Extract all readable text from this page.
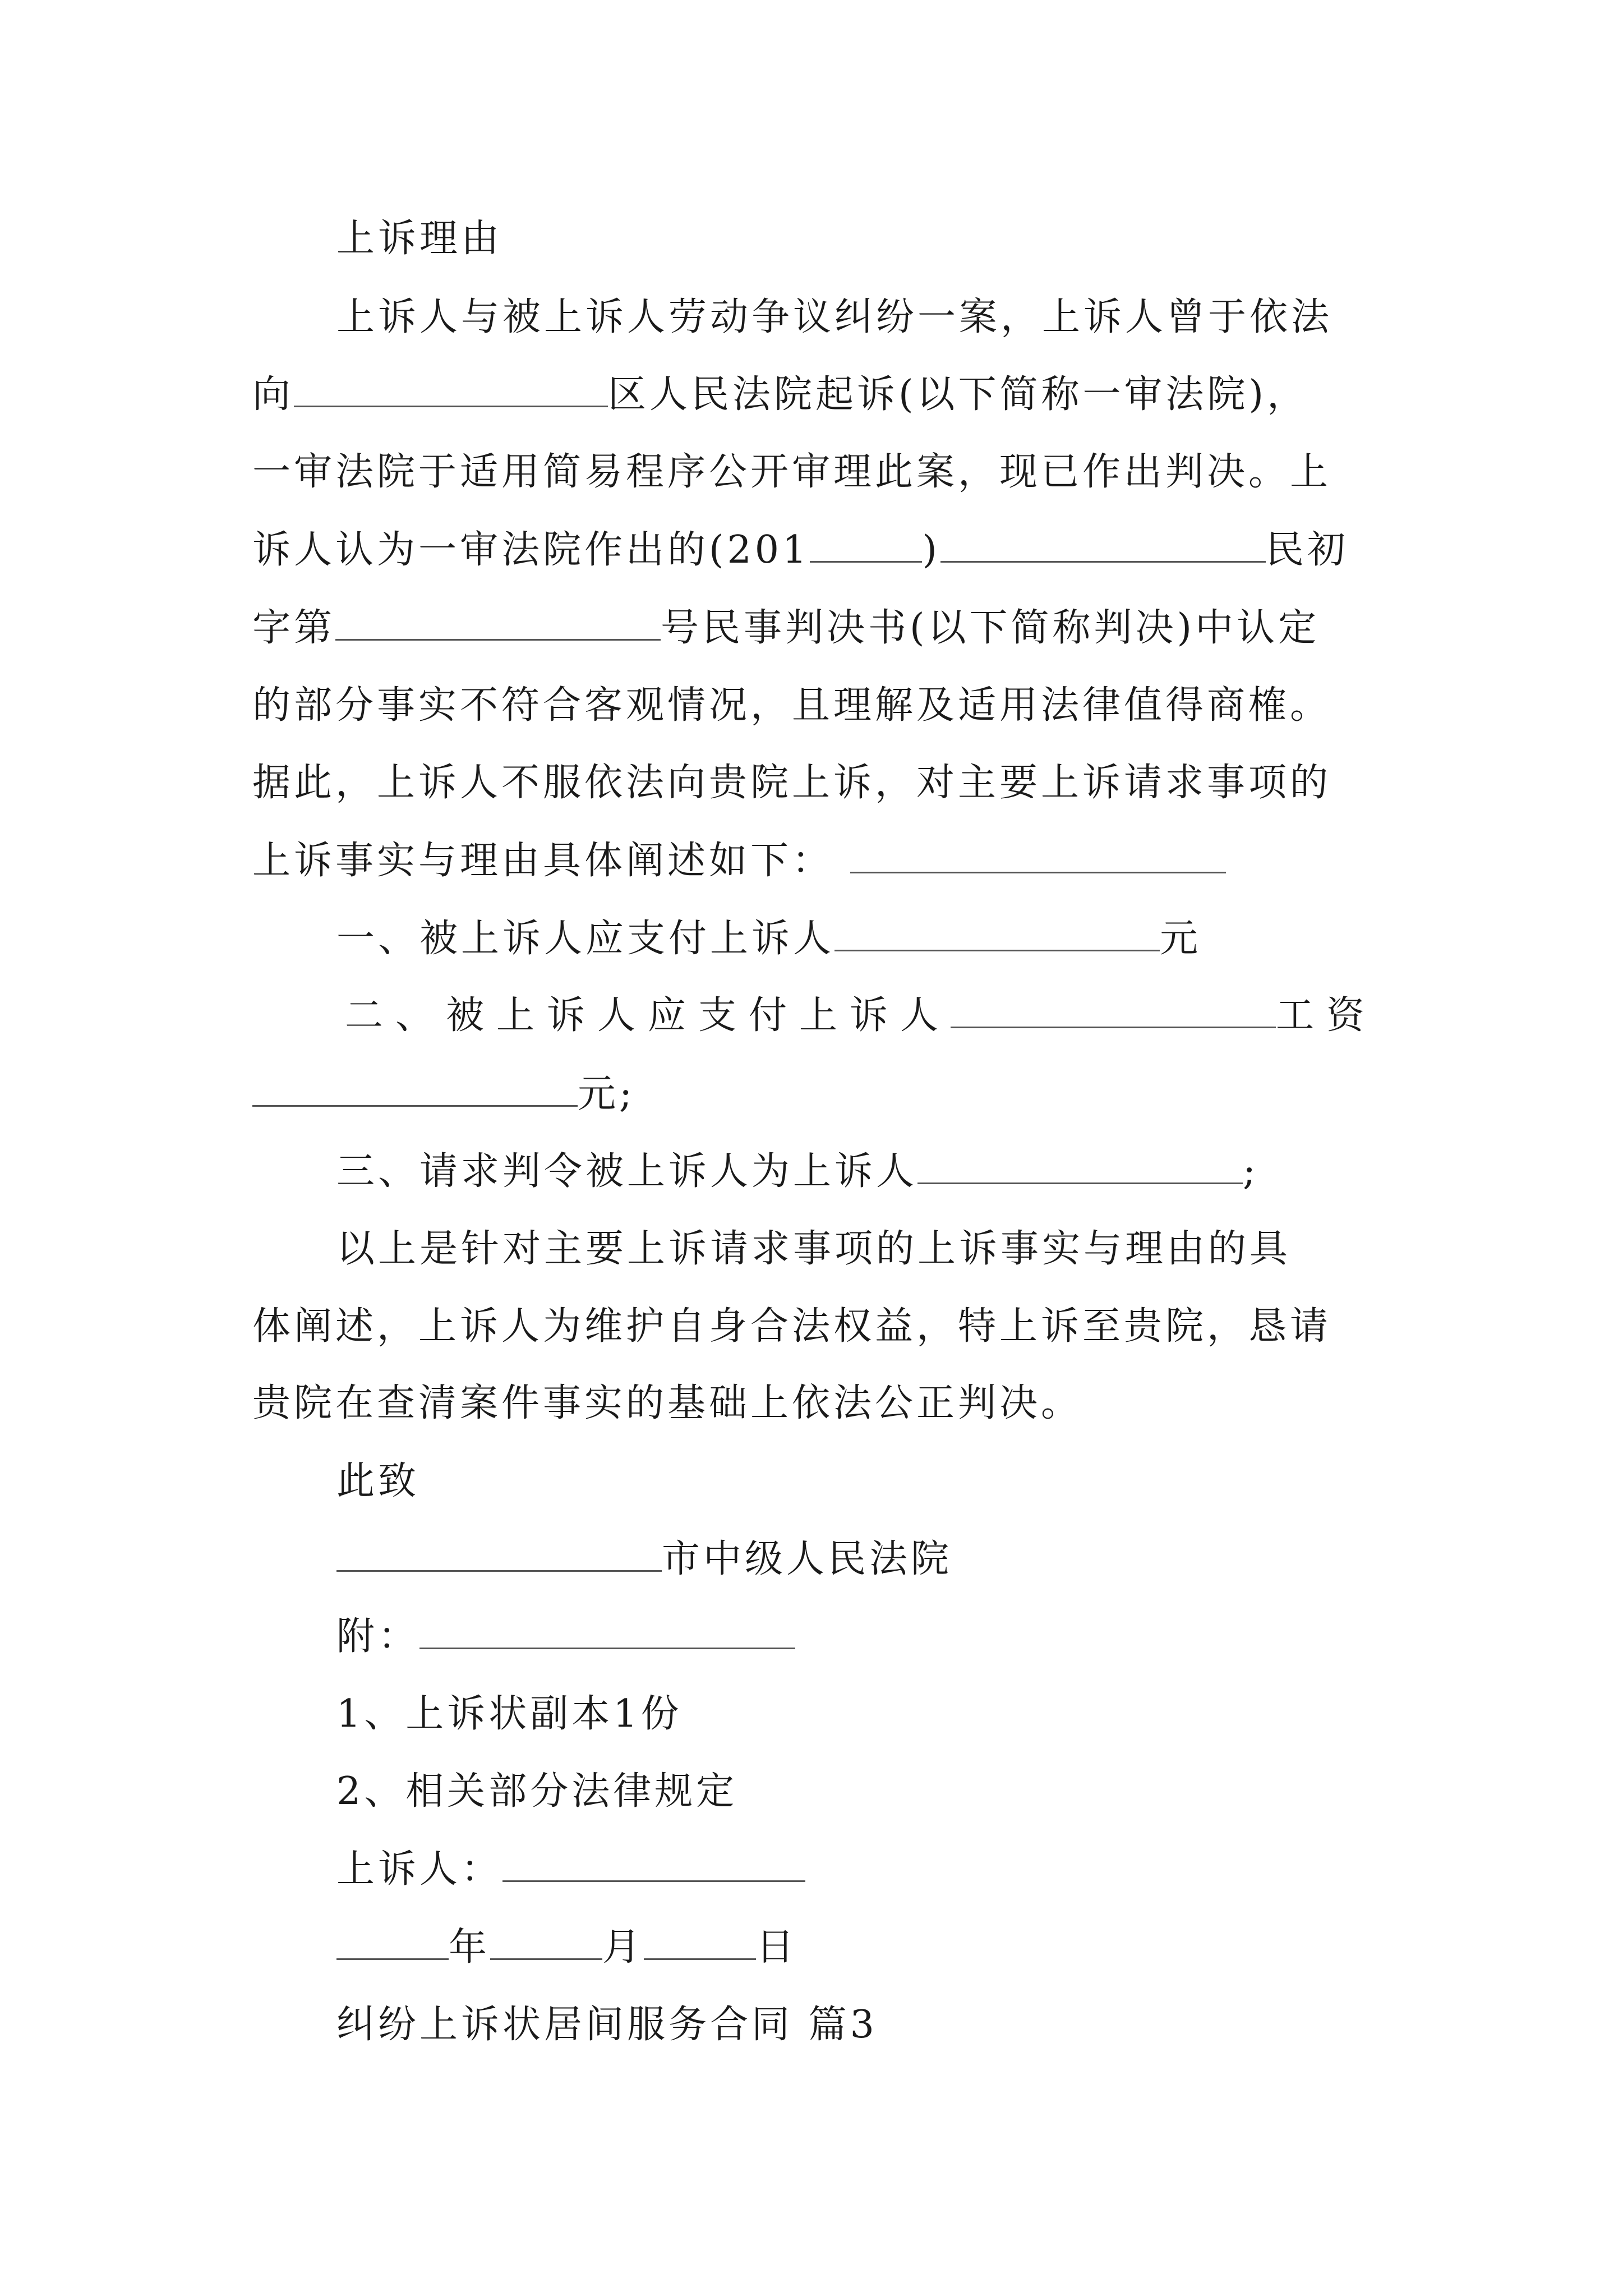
上诉理由
上诉人与被上诉人劳动争议纠纷一案，上诉人曾于依法
向	区人民法院起诉(以下简称一审法院)，
一审法院于适用简易程序公开审理此案，现已作出判决。上
诉人认为一审法院作出的(201	)	民初
字第	号民事判决书(以下简称判决)中认定
的部分事实不符合客观情况，且理解及适用法律值得商榷。
据此，上诉人不服依法向贵院上诉，对主要上诉请求事项的
上诉事实与理由具体阐述如下：
一、被上诉人应支付上诉人	元
二、被上诉人应支付上诉人	工资
元;
三、请求判令被上诉人为上诉人	;
以上是针对主要上诉请求事项的上诉事实与理由的具
体阐述，上诉人为维护自身合法权益，特上诉至贵院，恳请
贵院在查清案件事实的基础上依法公正判决。
此致
市中级人民法院
附：
1、上诉状副本1份
2、相关部分法律规定
上诉人：
年	月	日
纠纷上诉状居间服务合同 篇3
